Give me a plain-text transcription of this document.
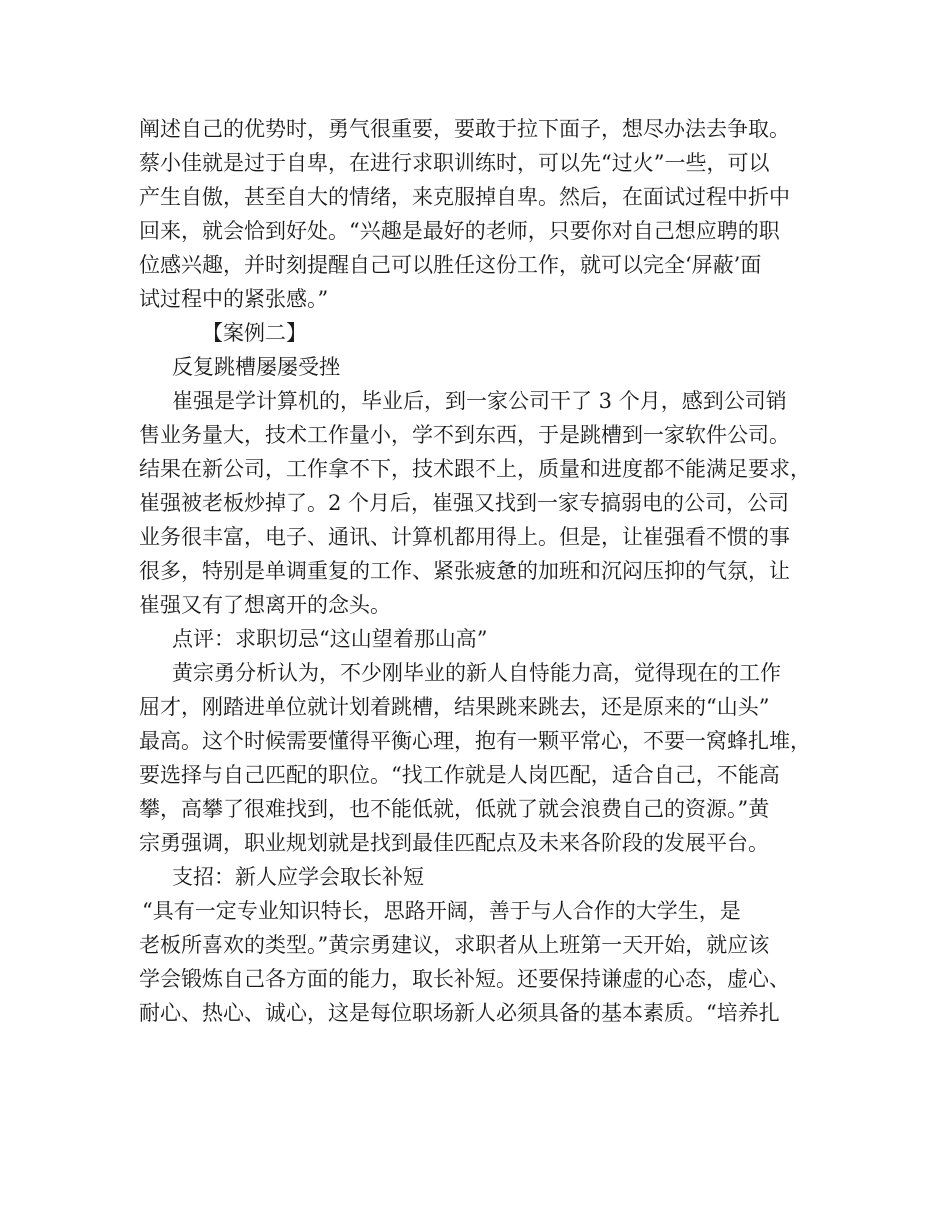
阐述自己的优势时，勇气很重要，要敢于拉下面子，想尽办法去争取。
蔡小佳就是过于自卑，在进行求职训练时，可以先“过火”一些，可以
产生自傲，甚至自大的情绪，来克服掉自卑。然后，在面试过程中折中
回来，就会恰到好处。“兴趣是最好的老师，只要你对自己想应聘的职
位感兴趣，并时刻提醒自己可以胜任这份工作，就可以完全‘屏蔽’面
试过程中的紧张感。”
【案例二】
反复跳槽屡屡受挫
崔强是学计算机的，毕业后，到一家公司干了 3 个月，感到公司销
售业务量大，技术工作量小，学不到东西，于是跳槽到一家软件公司。
结果在新公司，工作拿不下，技术跟不上，质量和进度都不能满足要求，
崔强被老板炒掉了。2 个月后，崔强又找到一家专搞弱电的公司，公司
业务很丰富，电子、通讯、计算机都用得上。但是，让崔强看不惯的事
很多，特别是单调重复的工作、紧张疲惫的加班和沉闷压抑的气氛，让
崔强又有了想离开的念头。
点评：求职切忌“这山望着那山高”
黄宗勇分析认为，不少刚毕业的新人自恃能力高，觉得现在的工作
屈才，刚踏进单位就计划着跳槽，结果跳来跳去，还是原来的“山头”
最高。这个时候需要懂得平衡心理，抱有一颗平常心，不要一窝蜂扎堆，
要选择与自己匹配的职位。“找工作就是人岗匹配，适合自己，不能高
攀，高攀了很难找到，也不能低就，低就了就会浪费自己的资源。”黄
宗勇强调，职业规划就是找到最佳匹配点及未来各阶段的发展平台。
支招：新人应学会取长补短
“具有一定专业知识特长，思路开阔，善于与人合作的大学生，是
老板所喜欢的类型。”黄宗勇建议，求职者从上班第一天开始，就应该
学会锻炼自己各方面的能力，取长补短。还要保持谦虚的心态，虚心、
耐心、热心、诚心，这是每位职场新人必须具备的基本素质。“培养扎
